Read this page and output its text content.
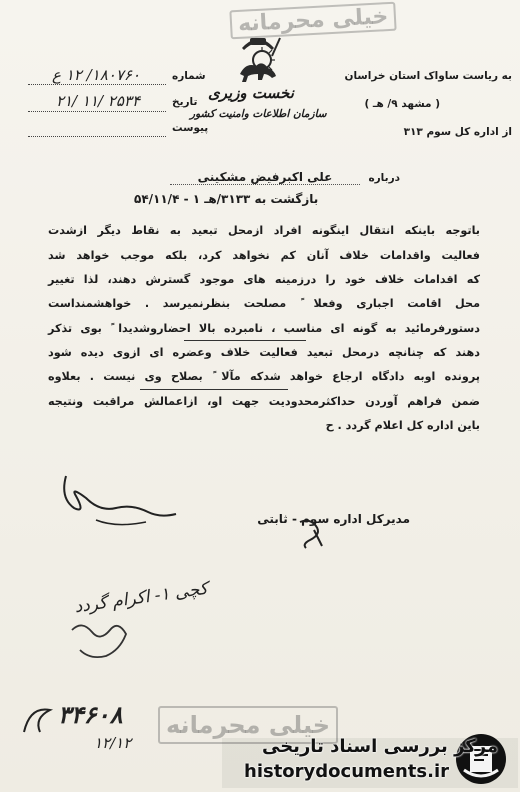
خیلی محرمانه
نخست وزیری
سازمان اطلاعات وامنیت کشور
به ریاست ساواک استان خراسان
( مشهد ۹/ هـ )
از اداره کل سوم ۳۱۳
شماره
۱۸۰۷۶۰/ ۱۲ ع
تاریخ
۲۱/ ۱۱/ ۲۵۳۴
پیوست
درباره
علی اکبرفیض مشکینی
بازگشت به ۳۱۳۳/هـ ۱ - ۵۴/۱۱/۴
باتوجه باینکه انتقال اینگونه افراد ازمحل تبعید به نقاط دیگر ازشدت
فعالیت واقدامات خلاف آنان کم نخواهد کرد، بلکه موجب خواهد شد
که اقدامات خلاف خود را درزمینه های موجود گسترش دهند، لذا تغییر
محل اقامت اجباری وفعلا ً مصلحت بنظرنمیرسد . خواهشمنداست
دستورفرمائید به گونه ای مناسب ، نامبرده بالا احضاروشدیدا ً بوی تذکر
دهند که چنانچه درمحل تبعید فعالیت خلاف وعضره ای ازوی دیده شود
پرونده اوبه دادگاه ارجاع خواهد شدکه مآلا ً بصلاح وی نیست . بعلاوه
ضمن فراهم آوردن حداکثرمحدودیت جهت او، ازاعمالش مراقبت ونتیجه
باین اداره کل اعلام گردد . ح
مدیرکل اداره سوم - ثابتی
کچی ۱- اکرام گردد
۳۴۶۰۸
۱۲/۱۲
خیلی محرمانه
مرکز بررسی اسناد تاریخی
historydocuments.ir
